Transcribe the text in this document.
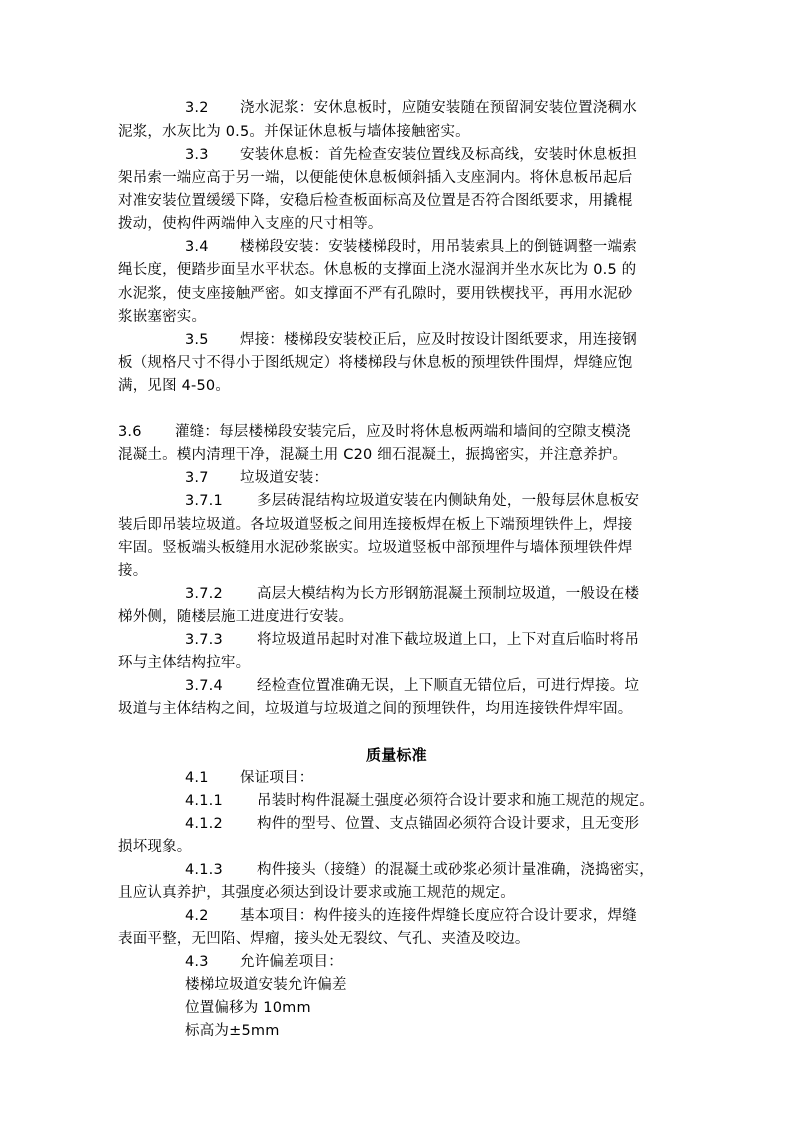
3.2 浇水泥浆：安休息板时，应随安装随在预留洞安装位置浇稠水
泥浆，水灰比为 0.5。并保证休息板与墙体接触密实。
3.3 安装休息板：首先检查安装位置线及标高线，安装时休息板担
架吊索一端应高于另一端，以便能使休息板倾斜插入支座洞内。将休息板吊起后
对准安装位置缓缓下降，安稳后检查板面标高及位置是否符合图纸要求，用撬棍
拨动，使构件两端伸入支座的尺寸相等。
3.4 楼梯段安装：安装楼梯段时，用吊装索具上的倒链调整一端索
绳长度，便踏步面呈水平状态。休息板的支撑面上浇水湿润并坐水灰比为 0.5 的
水泥浆，使支座接触严密。如支撑面不严有孔隙时，要用铁楔找平，再用水泥砂
浆嵌塞密实。
3.5 焊接：楼梯段安装校正后，应及时按设计图纸要求，用连接钢
板（规格尺寸不得小于图纸规定）将楼梯段与休息板的预埋铁件围焊，焊缝应饱
满，见图 4-50。
3.6 灌缝：每层楼梯段安装完后，应及时将休息板两端和墙间的空隙支模浇
混凝土。模内清理干净，混凝土用 C20 细石混凝土，振捣密实，并注意养护。
3.7 垃圾道安装：
3.7.1 多层砖混结构垃圾道安装在内侧缺角处，一般每层休息板安
装后即吊装垃圾道。各垃圾道竖板之间用连接板焊在板上下端预埋铁件上，焊接
牢固。竖板端头板缝用水泥砂浆嵌实。垃圾道竖板中部预埋件与墙体预埋铁件焊
接。
3.7.2 高层大模结构为长方形钢筋混凝土预制垃圾道，一般设在楼
梯外侧，随楼层施工进度进行安装。
3.7.3 将垃圾道吊起时对准下截垃圾道上口，上下对直后临时将吊
环与主体结构拉牢。
3.7.4 经检查位置准确无误，上下顺直无错位后，可进行焊接。垃
圾道与主体结构之间，垃圾道与垃圾道之间的预埋铁件，均用连接铁件焊牢固。
质量标准
4.1 保证项目：
4.1.1 吊装时构件混凝土强度必须符合设计要求和施工规范的规定。
4.1.2 构件的型号、位置、支点锚固必须符合设计要求，且无变形
损坏现象。
4.1.3 构件接头（接缝）的混凝土或砂浆必须计量准确，浇捣密实，
且应认真养护，其强度必须达到设计要求或施工规范的规定。
4.2 基本项目：构件接头的连接件焊缝长度应符合设计要求，焊缝
表面平整，无凹陷、焊瘤，接头处无裂纹、气孔、夹渣及咬边。
4.3 允许偏差项目：
楼梯垃圾道安装允许偏差
位置偏移为 10mm
标高为±5mm
